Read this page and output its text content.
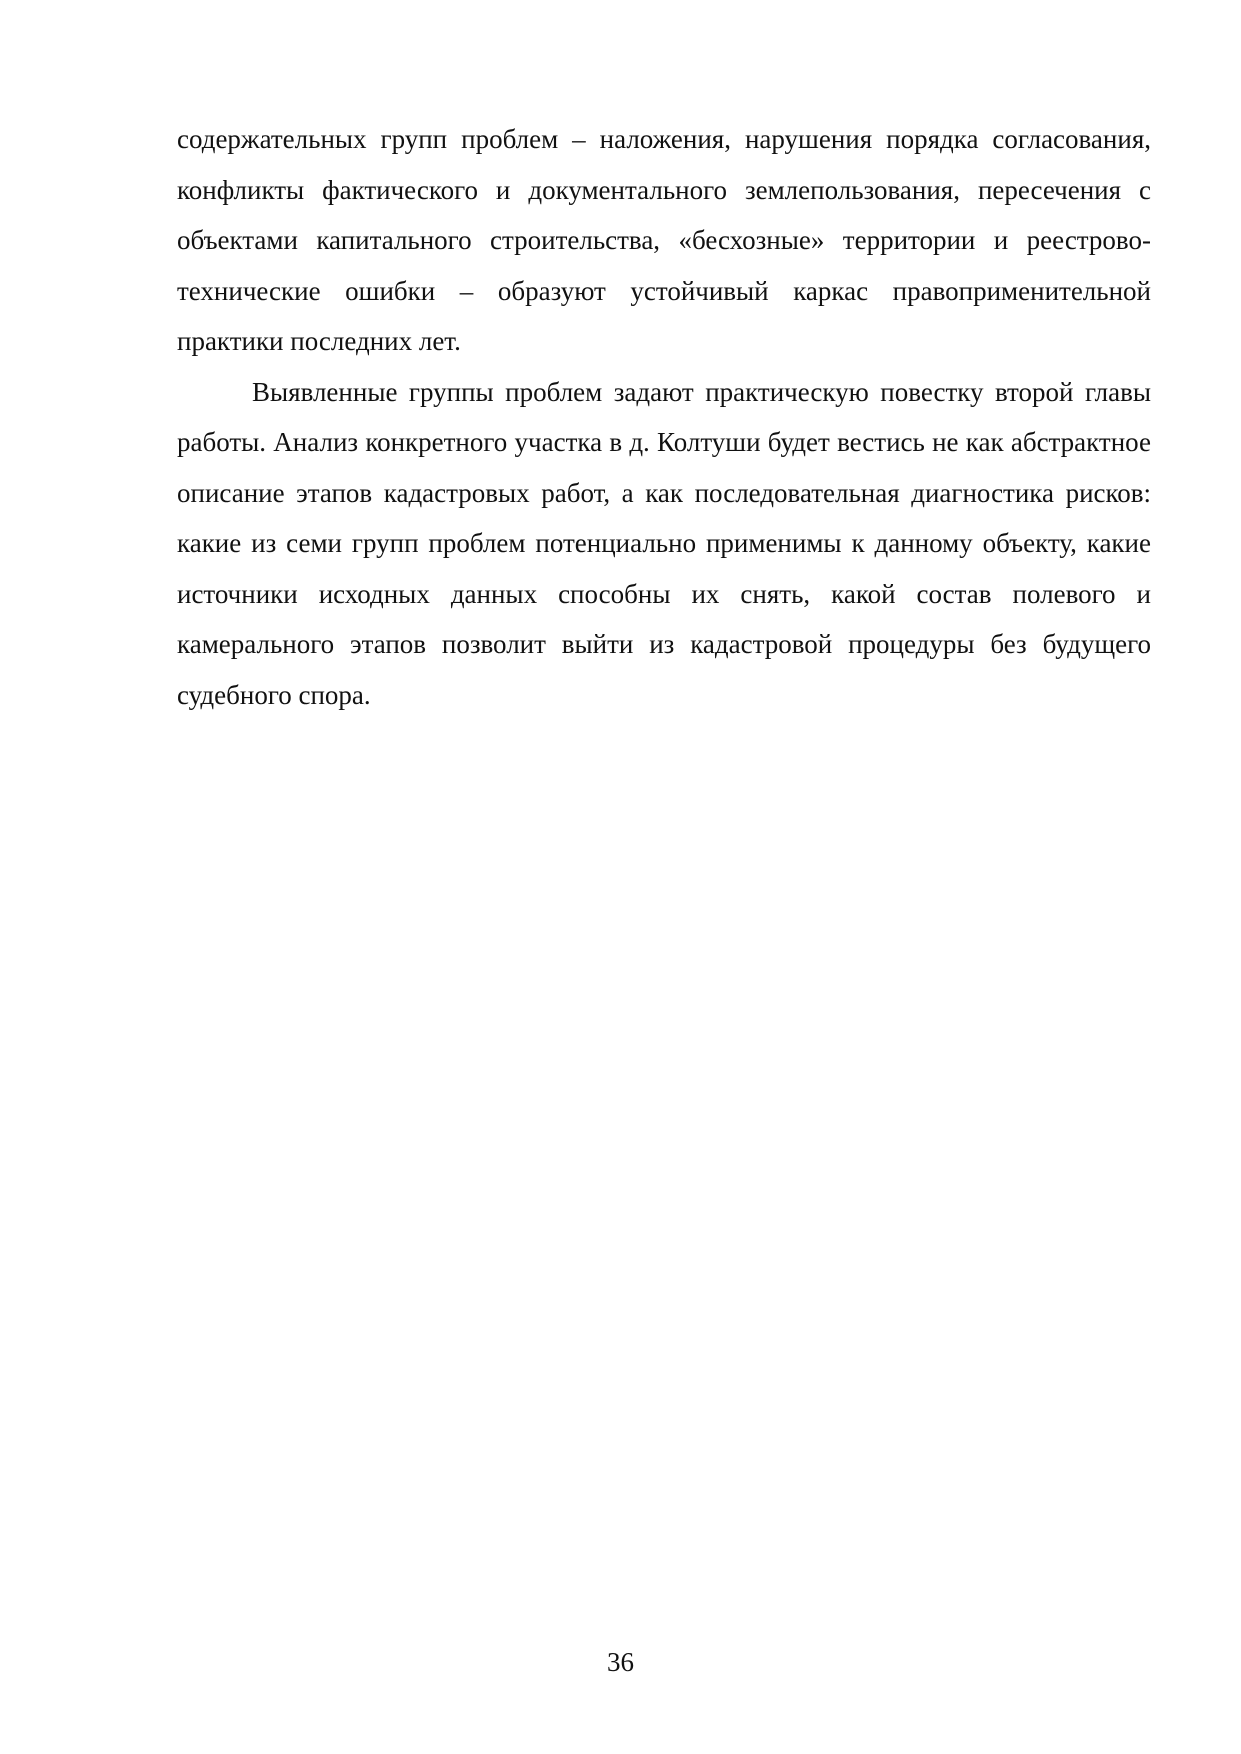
содержательных групп проблем – наложения, нарушения порядка согласования, конфликты фактического и документального землепользования, пересечения с объектами капитального строительства, «бесхозные» территории и реестрово-технические ошибки – образуют устойчивый каркас правоприменительной практики последних лет.

Выявленные группы проблем задают практическую повестку второй главы работы. Анализ конкретного участка в д. Колтуши будет вестись не как абстрактное описание этапов кадастровых работ, а как последовательная диагностика рисков: какие из семи групп проблем потенциально применимы к данному объекту, какие источники исходных данных способны их снять, какой состав полевого и камерального этапов позволит выйти из кадастровой процедуры без будущего судебного спора.

36
